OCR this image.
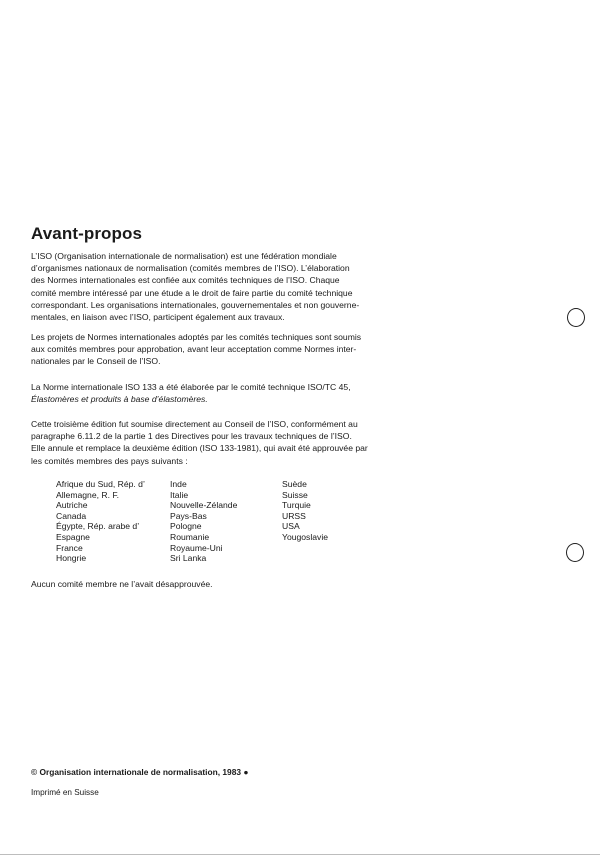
Avant-propos
L’ISO (Organisation internationale de normalisation) est une fédération mondiale
d’organismes nationaux de normalisation (comités membres de l’ISO). L’élaboration
des Normes internationales est confiée aux comités techniques de l’ISO. Chaque
comité membre intéressé par une étude a le droit de faire partie du comité technique
correspondant. Les organisations internationales, gouvernementales et non gouverne-
mentales, en liaison avec l’ISO, participent également aux travaux.
Les projets de Normes internationales adoptés par les comités techniques sont soumis
aux comités membres pour approbation, avant leur acceptation comme Normes inter-
nationales par le Conseil de l’ISO.
La Norme internationale ISO 133 a été élaborée par le comité technique ISO/TC 45,
Élastomères et produits à base d’élastomères.
Cette troisième édition fut soumise directement au Conseil de l’ISO, conformément au
paragraphe 6.11.2 de la partie 1 des Directives pour les travaux techniques de l’ISO.
Elle annule et remplace la deuxième édition (ISO 133-1981), qui avait été approuvée par
les comités membres des pays suivants :
Afrique du Sud, Rép. d’
Allemagne, R. F.
Autriche
Canada
Égypte, Rép. arabe d’
Espagne
France
Hongrie
Inde
Italie
Nouvelle-Zélande
Pays-Bas
Pologne
Roumanie
Royaume-Uni
Sri Lanka
Suède
Suisse
Turquie
URSS
USA
Yougoslavie
Aucun comité membre ne l’avait désapprouvée.
© Organisation internationale de normalisation, 1983 ●
Imprimé en Suisse
